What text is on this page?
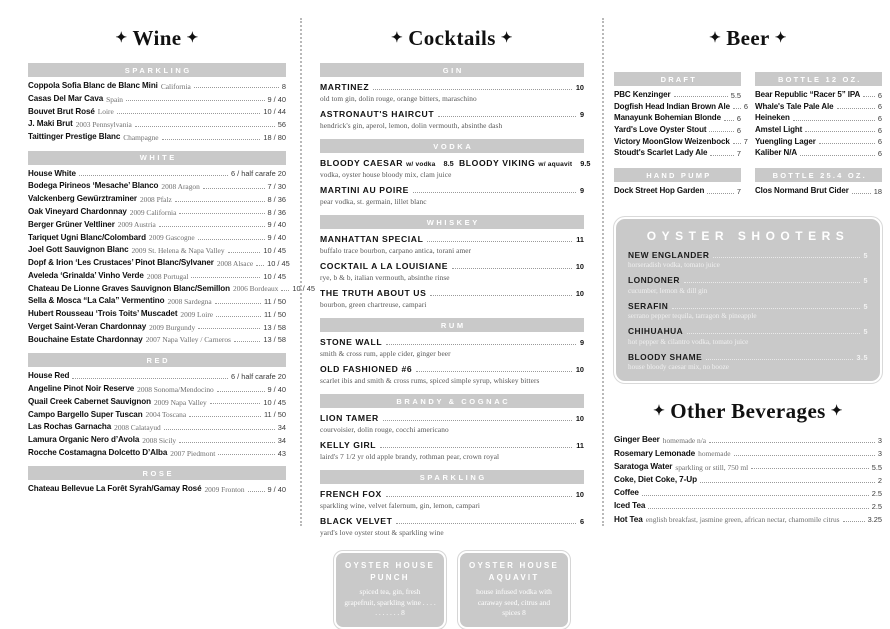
✦ Wine ✦
SPARKLING
Coppola Sofia Blanc de Blanc Mini California	8
Casas Del Mar Cava Spain	9 / 40
Bouvet Brut Rosé Loire	10 / 44
J. Maki Brut 2003 Pennsylvania	56
Taittinger Prestige Blanc Champagne	18 / 80
WHITE
House White	6 / half carafe 20
Bodega Pirineos ‘Mesache’ Blanco 2008 Aragon	7 / 30
Valckenberg Gewürztraminer 2008 Pfalz	8 / 36
Oak Vineyard Chardonnay 2009 California	8 / 36
Berger Grüner Veltliner 2009 Austria	9 / 40
Tariquet Ugni Blanc/Colombard 2009 Gascogne	9 / 40
Joel Gott Sauvignon Blanc 2009 St. Helena & Napa Valley	10 / 45
Dopf & Irion ‘Les Crustaces’ Pinot Blanc/Sylvaner 2008 Alsace 10 / 45
Aveleda ‘Grinalda’ Vinho Verde 2008 Portugal	10 / 45
Chateau De Lionne Graves Sauvignon Blanc/Semillon 2006 Bordeaux 10 / 45
Sella & Mosca “La Cala” Vermentino 2008 Sardegna	11 / 50
Hubert Rousseau ‘Trois Toits’ Muscadet 2009 Loire	11 / 50
Verget Saint-Veran Chardonnay 2009 Burgundy	13 / 58
Bouchaine Estate Chardonnay 2007 Napa Valley / Carneros	13 / 58
RED
House Red	6 / half carafe 20
Angeline Pinot Noir Reserve 2008 Sonoma/Mendocino	9 / 40
Quail Creek Cabernet Sauvignon 2009 Napa Valley	10 / 45
Campo Bargello Super Tuscan 2004 Toscana	11 / 50
Las Rochas Garnacha 2008 Calatayud	34
Lamura Organic Nero d’Avola 2008 Sicily	34
Rocche Costamagna Dolcetto D’Alba 2007 Piedmont	43
ROSE
Chateau Bellevue La Forêt Syrah/Gamay Rosé 2009 Fronton	9 / 40
✦ Cocktails ✦
GIN
MARTINEZ	10
old tom gin, dolin rouge, orange bitters, maraschino
ASTRONAUT'S HAIRCUT	9
hendrick's gin, aperol, lemon, dolin vermouth, absinthe dash
VODKA
BLOODY CAESAR w/ vodka 8.5 BLOODY VIKING w/ aquavit 9.5
vodka, oyster house bloody mix, clam juice
MARTINI AU POIRE	9
pear vodka, st. germain, lillet blanc
WHISKEY
MANHATTAN SPECIAL	11
buffalo trace bourbon, carpano antica, torani amer
COCKTAIL A LA LOUISIANE	10
rye, b & b, italian vermouth, absinthe rinse
THE TRUTH ABOUT US	10
bourbon, green chartreuse, campari
RUM
STONE WALL	9
smith & cross rum, apple cider, ginger beer
OLD FASHIONED #6	10
scarlet ibis and smith & cross rums, spiced simple syrup, whiskey bitters
BRANDY & COGNAC
LION TAMER	10
courvoisier, dolin rouge, cocchi americano
KELLY GIRL	11
laird's 7 1/2 yr old apple brandy, rothman pear, crown royal
SPARKLING
FRENCH FOX	10
sparkling wine, velvet falernum, gin, lemon, campari
BLACK VELVET	6
yard's love oyster stout & sparkling wine
OYSTER HOUSE PUNCH
spiced tea, gin, fresh grapefruit, sparkling wine . . . . . . . . . . . 8
OYSTER HOUSE AQUAVIT
house infused vodka with caraway seed, citrus and spices 8
✦ Beer ✦
DRAFT
PBC Kenzinger	5.5
Dogfish Head Indian Brown Ale 6
Manayunk Bohemian Blonde 6
Yard's Love Oyster Stout	6
Victory MoonGlow Weizenbock 7
Stoudt's Scarlet Lady Ale	7
BOTTLE 12 OZ.
Bear Republic “Racer 5” IPA 6
Whale's Tale Pale Ale	6
Heineken	6
Amstel Light	6
Yuengling Lager	6
Kaliber N/A	6
HAND PUMP
Dock Street Hop Garden	7
BOTTLE 25.4 OZ.
Clos Normand Brut Cider	18
OYSTER SHOOTERS
NEW ENGLANDER	5
horseradish vodka, tomato juice
LONDONER	5
cucumber, lemon & dill gin
SERAFIN	5
serrano pepper tequila, tarragon & pineapple
CHIHUAHUA	5
hot pepper & cilantro vodka, tomato juice
BLOODY SHAME	3.5
house bloody caesar mix, no booze
✦ Other Beverages ✦
Ginger Beer homemade n/a	3
Rosemary Lemonade homemade	3
Saratoga Water sparkling or still, 750 ml	5.5
Coke, Diet Coke, 7-Up	2
Coffee	2.5
Iced Tea	2.5
Hot Tea english breakfast, jasmine green, african nectar, chamomile citrus	3.25
